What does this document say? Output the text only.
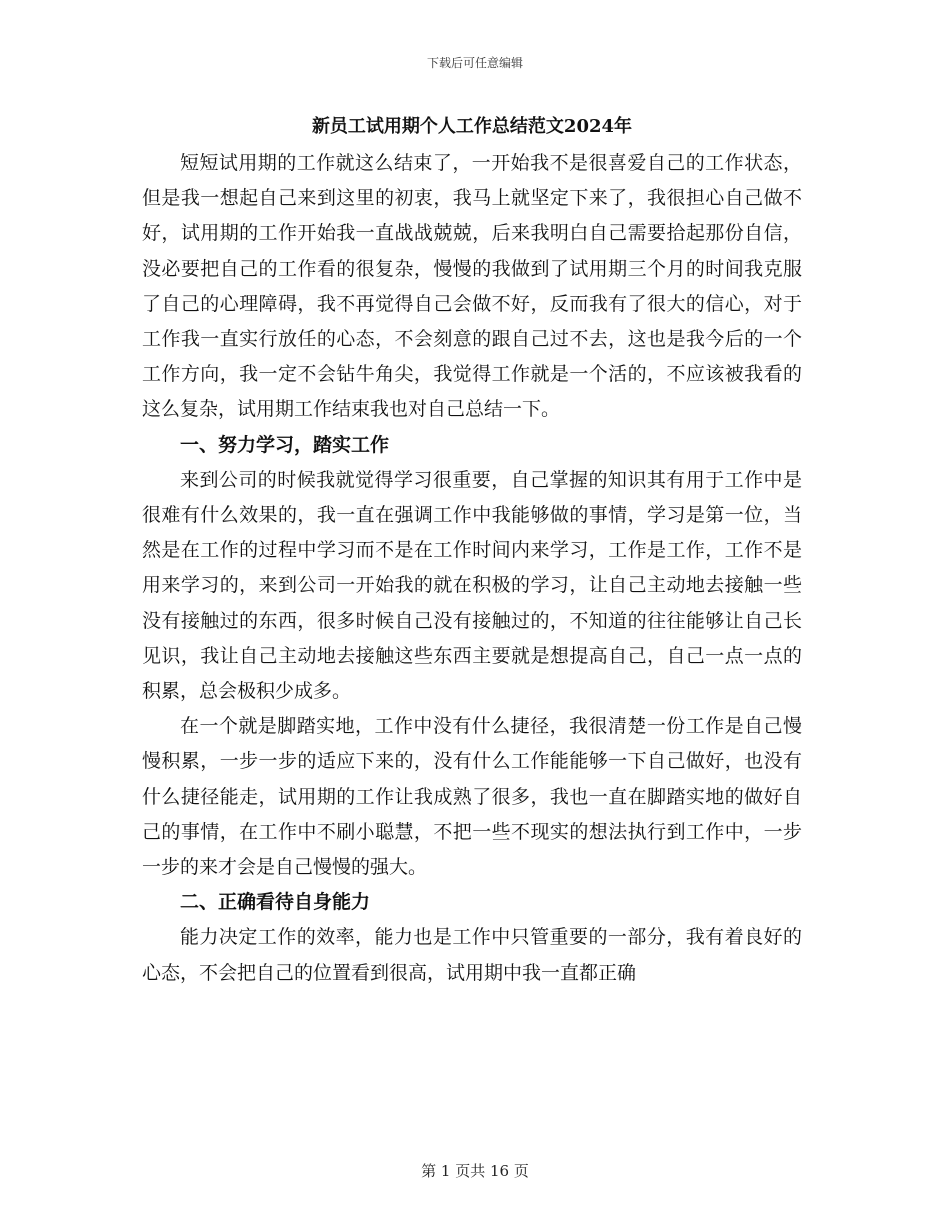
下载后可任意编辑
新员工试用期个人工作总结范文2024年

短短试用期的工作就这么结束了，一开始我不是很喜爱自己的工作状态，但是我一想起自己来到这里的初衷，我马上就坚定下来了，我很担心自己做不好，试用期的工作开始我一直战战兢兢，后来我明白自己需要拾起那份自信，没必要把自己的工作看的很复杂，慢慢的我做到了试用期三个月的时间我克服了自己的心理障碍，我不再觉得自己会做不好，反而我有了很大的信心，对于工作我一直实行放任的心态，不会刻意的跟自己过不去，这也是我今后的一个工作方向，我一定不会钻牛角尖，我觉得工作就是一个活的，不应该被我看的这么复杂，试用期工作结束我也对自己总结一下。

一、努力学习，踏实工作

来到公司的时候我就觉得学习很重要，自己掌握的知识其有用于工作中是很难有什么效果的，我一直在强调工作中我能够做的事情，学习是第一位，当然是在工作的过程中学习而不是在工作时间内来学习，工作是工作，工作不是用来学习的，来到公司一开始我的就在积极的学习，让自己主动地去接触一些没有接触过的东西，很多时候自己没有接触过的，不知道的往往能够让自己长见识，我让自己主动地去接触这些东西主要就是想提高自己，自己一点一点的积累，总会极积少成多。

在一个就是脚踏实地，工作中没有什么捷径，我很清楚一份工作是自己慢慢积累，一步一步的适应下来的，没有什么工作能能够一下自己做好，也没有什么捷径能走，试用期的工作让我成熟了很多，我也一直在脚踏实地的做好自己的事情，在工作中不刷小聪慧，不把一些不现实的想法执行到工作中，一步一步的来才会是自己慢慢的强大。

二、正确看待自身能力

能力决定工作的效率，能力也是工作中只管重要的一部分，我有着良好的心态，不会把自己的位置看到很高，试用期中我一直都正确

第 1 页共 16 页
